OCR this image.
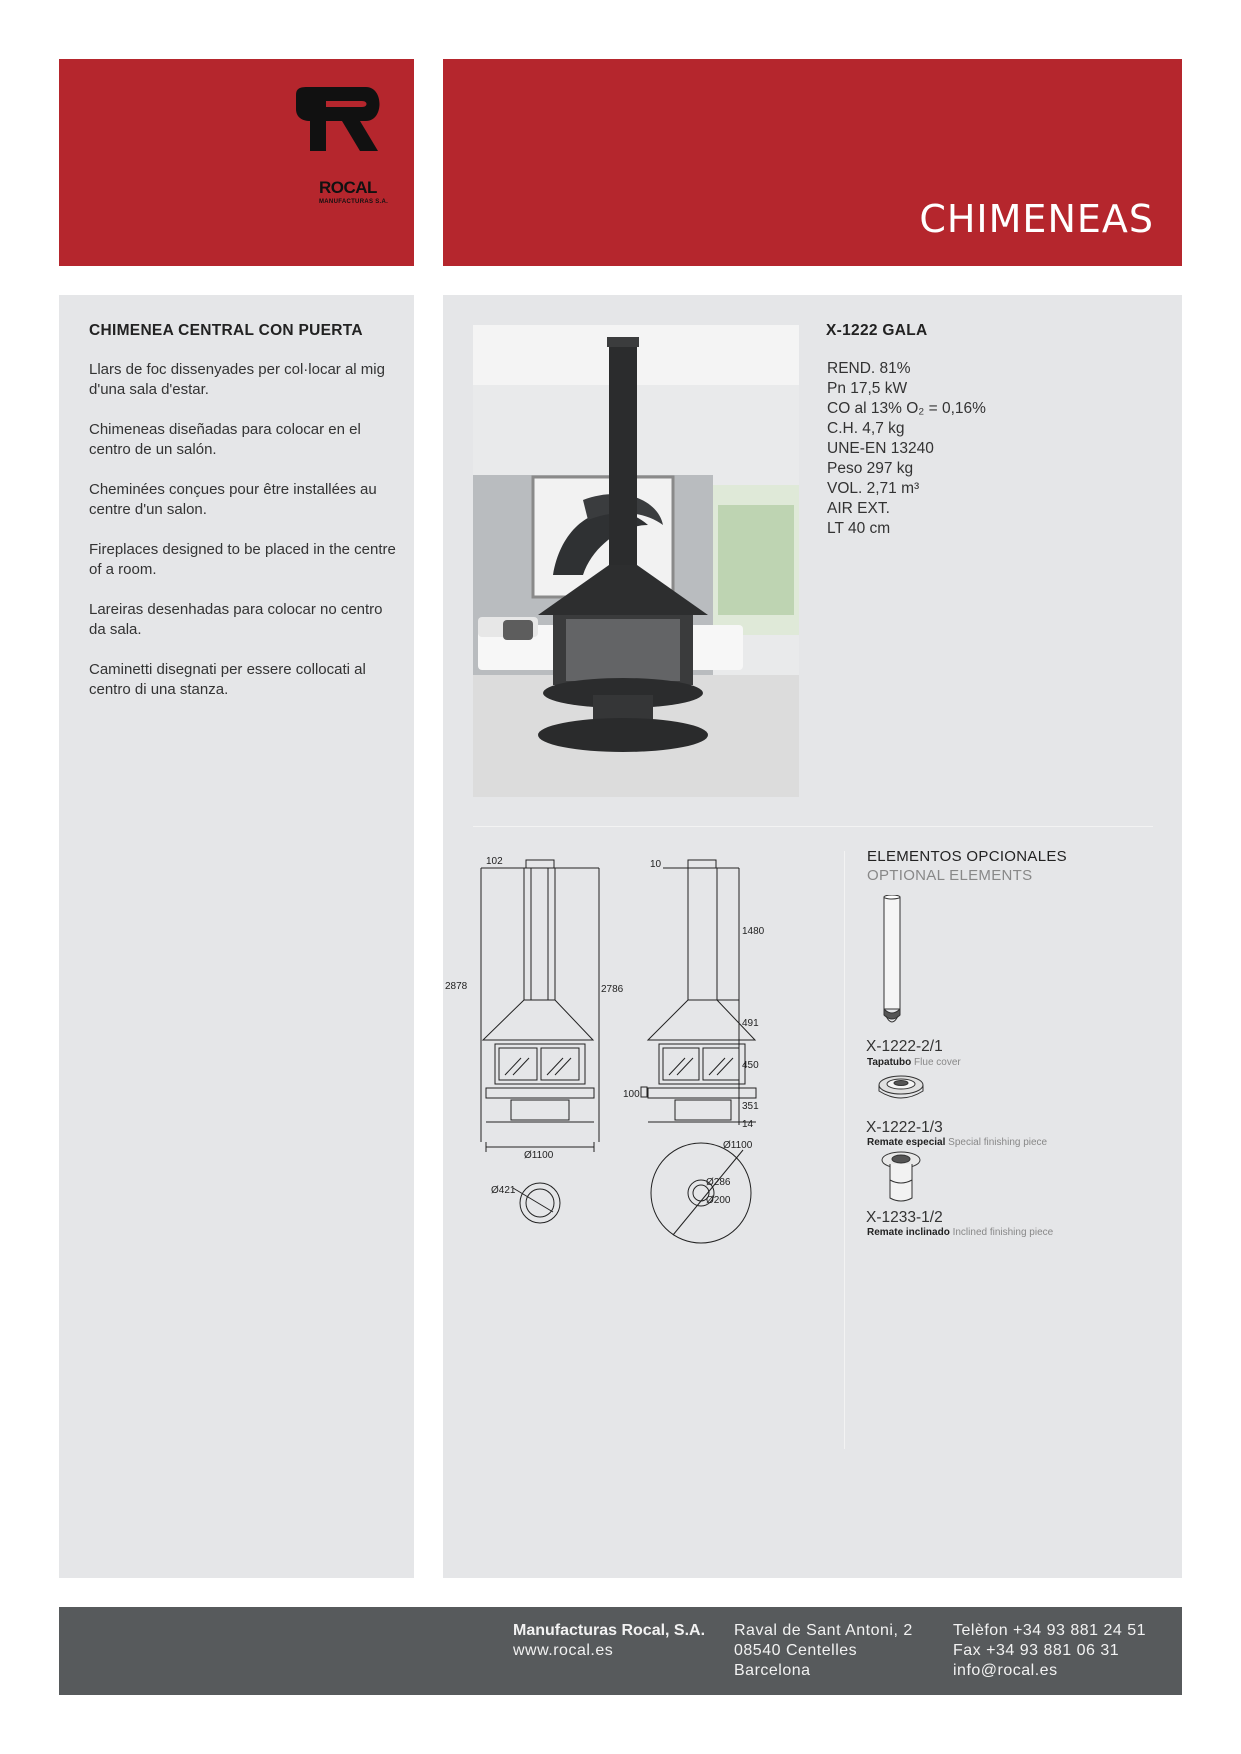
ROCAL
MANUFACTURAS S.A.	CHIMENEAS
CHIMENEA CENTRAL CON PUERTA
Llars de foc dissenyades per col·locar al mig d'una sala d'estar.
Chimeneas diseñadas para colocar en el centro de un salón.
Cheminées conçues pour être installées au centre d'un salon.
Fireplaces designed to be placed in the centre of a room.
Lareiras desenhadas para colocar no centro da sala.
Caminetti disegnati per essere collocati al centro di una stanza.
X-1222 GALA
REND. 81%
Pn 17,5 kW
CO al 13% O₂ = 0,16%
C.H. 4,7 kg
UNE-EN 13240
Peso 297 kg
VOL. 2,71 m³
AIR EXT.
LT 40 cm
102
2878	2786
Ø1100
Ø421
10
1480
491
450
351
14
100
Ø1100
Ø286
Ø200
ELEMENTOS OPCIONALES
OPTIONAL ELEMENTS
X-1222-2/1
Tapatubo Flue cover
X-1222-1/3
Remate especial Special finishing piece
X-1233-1/2
Remate inclinado Inclined finishing piece
Manufacturas Rocal, S.A.
www.rocal.es
Raval de Sant Antoni, 2
08540 Centelles
Barcelona
Telèfon +34 93 881 24 51
Fax +34 93 881 06 31
info@rocal.es
